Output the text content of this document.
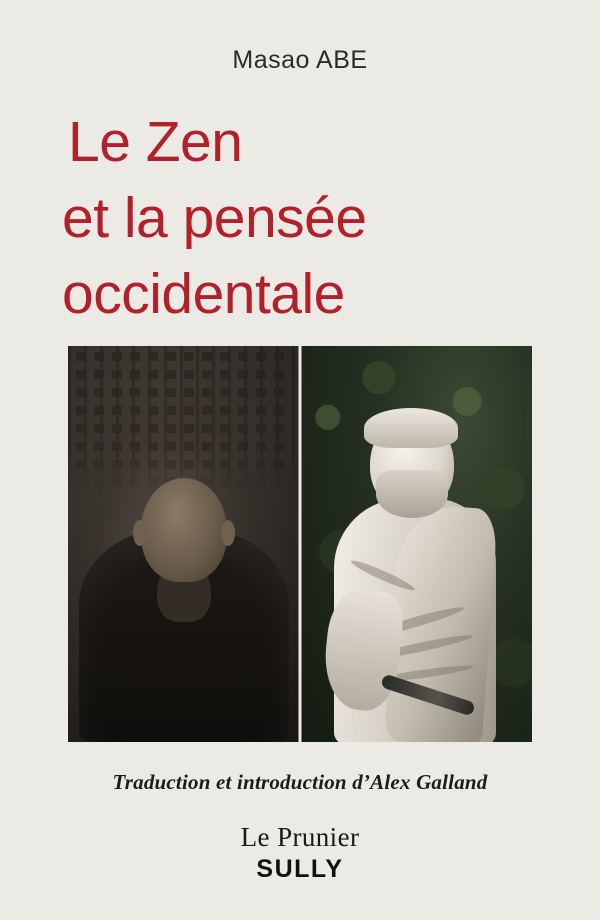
Masao ABE
Le Zen
et la pensée
occidentale
Traduction et introduction d’Alex Galland
Le Prunier
SULLY
